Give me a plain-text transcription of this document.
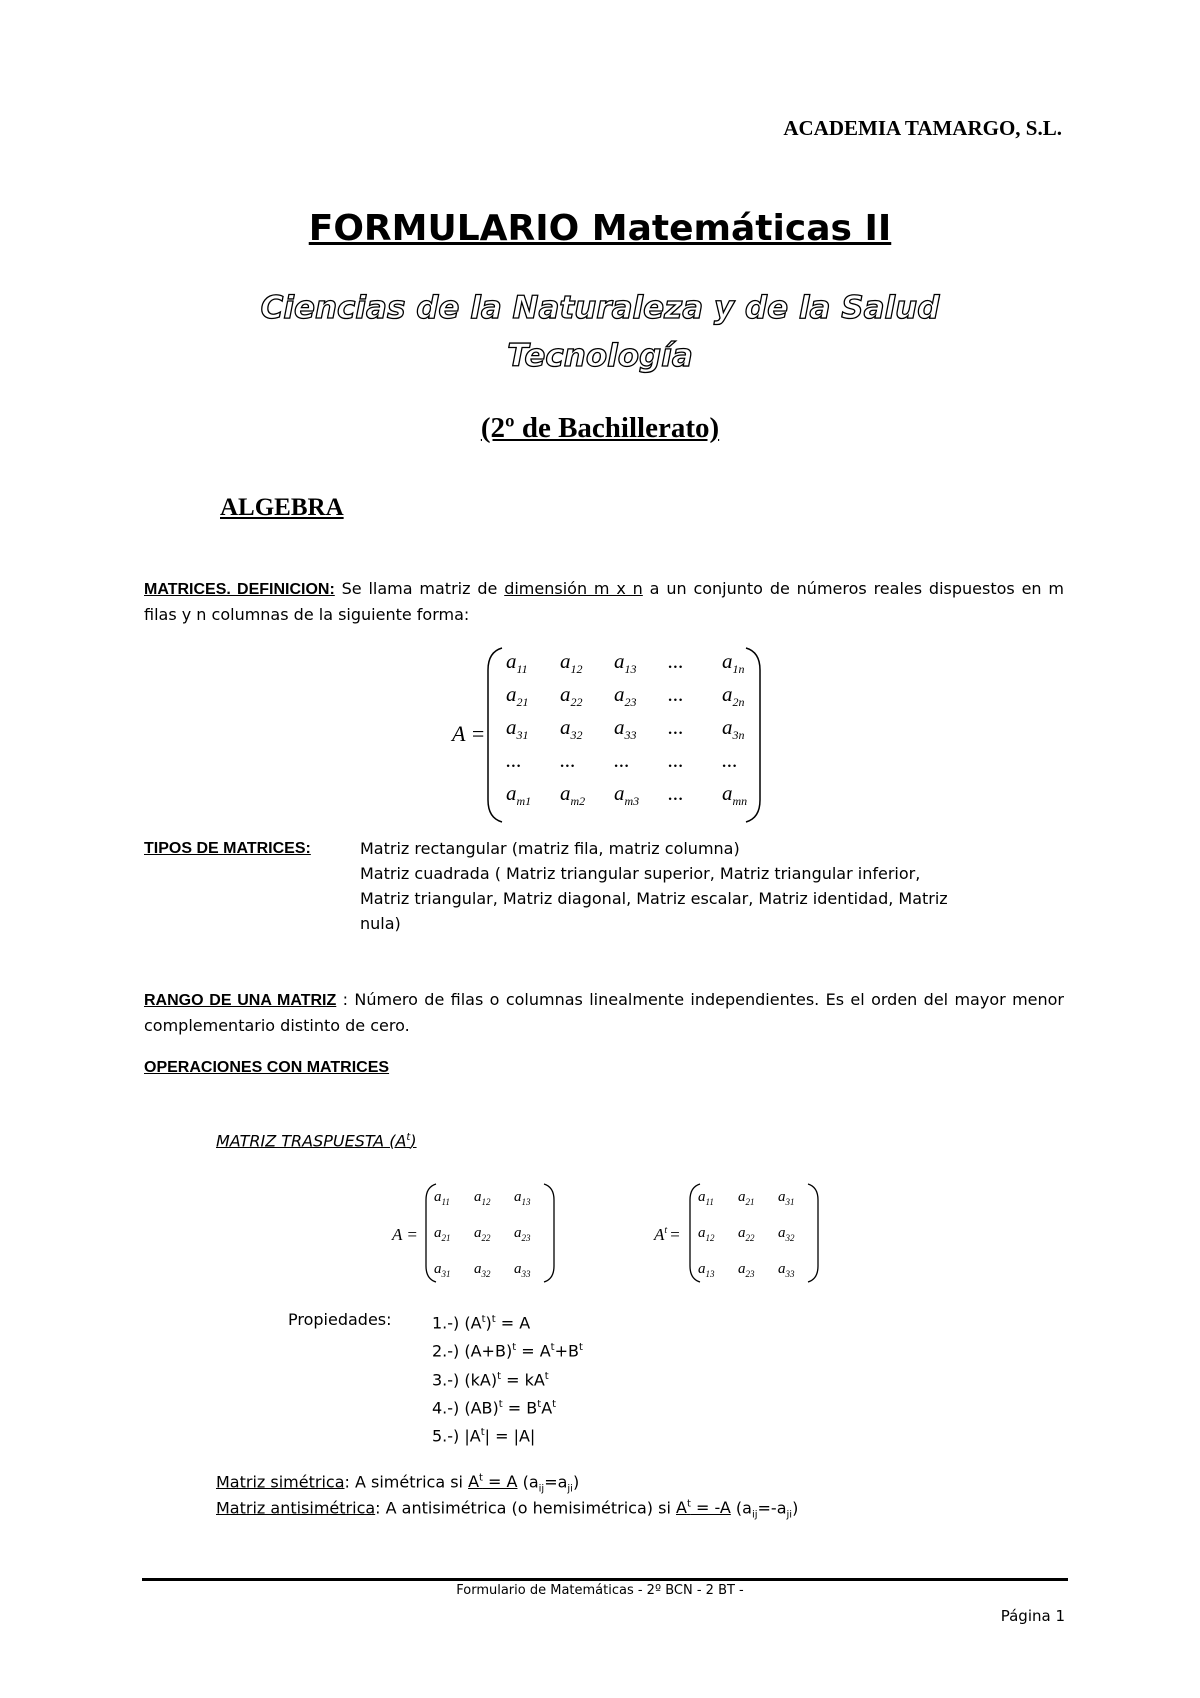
ACADEMIA TAMARGO, S.L.
FORMULARIO Matemáticas II
Ciencias de la Naturaleza y de la Salud
Tecnología
(2º de Bachillerato)
ALGEBRA
MATRICES. DEFINICION: Se llama matriz de dimensión m x n a un conjunto de números reales dispuestos en m filas y n columnas de la siguiente forma:
A =
$a_{11}$ $a_{12}$ $a_{13}$ ... $a_{1n}$
$a_{21}$ $a_{22}$ $a_{23}$ ... $a_{2n}$
$a_{31}$ $a_{32}$ $a_{33}$ ... $a_{3n}$
... ... ... ... ...
$a_{m1}$ $a_{m2}$ $a_{m3}$ ... $a_{mn}$
TIPOS DE MATRICES:	Matriz rectangular (matriz fila, matriz columna)
Matriz cuadrada ( Matriz triangular superior, Matriz triangular inferior,
Matriz triangular, Matriz diagonal, Matriz escalar, Matriz identidad, Matriz
nula)
RANGO DE UNA MATRIZ : Número de filas o columnas linealmente independientes. Es el orden del mayor menor complementario distinto de cero.
OPERACIONES CON MATRICES
MATRIZ TRASPUESTA $(A^t)$
A =
$a_{11}$ $a_{12}$ $a_{13}$
$a_{21}$ $a_{22}$ $a_{23}$
$a_{31}$ $a_{32}$ $a_{33}$
$A^t$ =
$a_{11}$ $a_{21}$ $a_{31}$
$a_{12}$ $a_{22}$ $a_{32}$
$a_{13}$ $a_{23}$ $a_{33}$
Propiedades:	1.-) $(A^t)^t = A$
2.-) $(A+B)^t = A^t+B^t$
3.-) $(kA)^t = kA^t$
4.-) $(AB)^t = B^tA^t$
5.-) $|A^t| = |A|$
Matriz simétrica: A simétrica si $A^t = A$ $(a_{ij}=a_{ji})$
Matriz antisimétrica: A antisimétrica (o hemisimétrica) si $A^t = -A$ $(a_{ij}=-a_{ji})$
Formulario de Matemáticas - 2º BCN - 2 BT -
Página 1
